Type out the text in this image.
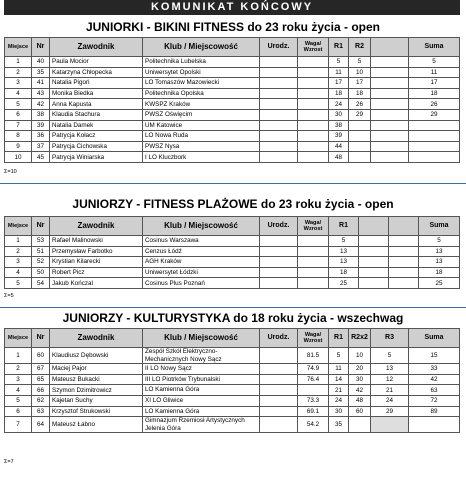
KOMUNIKAT KOŃCOWY
JUNIORKI - BIKINI FITNESS do 23 roku życia - open
Miejsce	Nr	Zawodnik	Klub / Miejscowość	Urodz.	Waga/ Wzrost	R1	R2		Suma
1	40	Paula Mocior	Politechnika Lubelska			5	5		5
2	35	Katarzyna Chłopecka	Uniwersytet Opolski			11	10		11
3	41	Natalia Pigoń	LO Tomaszów Mazowiecki			17	17		17
4	43	Monika Biedka	Politechnika Opolska			18	18		18
5	42	Anna Kapusta	KWSPZ Kraków			24	26		26
6	38	Klaudia Stachura	PWSZ Oświęcim			30	29		29
7	39	Natalia Damek	UM Katowice			38			
8	36	Patrycja Kołacz	LO Nowa Ruda			39			
9	37	Patrycja Cichowska	PWSZ Nysa			44			
10	45	Patrycja Winiarska	I LO Kluczbork			48			
Σ=10
JUNIORZY - FITNESS PLAŻOWE do 23 roku życia - open
Miejsce	Nr	Zawodnik	Klub / Miejscowość	Urodz.	Waga/ Wzrost	R1			Suma
1	53	Rafael Malinowski	Cosinus Warszawa			5			5
2	51	Przemysław Farbotko	Cenzus Łódź			13			13
3	52	Krystian Kilarecki	AGH Kraków			13			13
4	50	Robert Picz	Uniwersytet Łódzki			18			18
5	54	Jakub Kończal	Cosinus Plus Poznań			25			25
Σ=5
JUNIORZY - KULTURYSTYKA do 18 roku życia - wszechwag
Miejsce	Nr	Zawodnik	Klub / Miejscowość	Urodz.	Waga/ Wzrost	R1	R2x2	R3	Suma
1	60	Klaudiusz Dębowski	Zespół Szkół Elektryczno-Mechanicznych Nowy Sącz		81.5	5	10	5	15
2	67	Maciej Pajor	II LO Nowy Sącz		74.9	11	20	13	33
3	65	Mateusz Bukacki	III LO Piotrków Trybunalski		76.4	14	30	12	42
4	66	Szymon Dzimitrowicz	LO Kamienna Góra			21	42	21	63
5	62	Kajetan Suchy	XI LO Gliwice		73.3	24	48	24	72
6	63	Krzysztof Strukowski	LO Kamienna Góra		69.1	30	60	29	89
7	64	Mateusz Łabno	Gimnazjum Rzemiosł Artystycznych Jelenia Góra		54.2	35			
Σ=7
